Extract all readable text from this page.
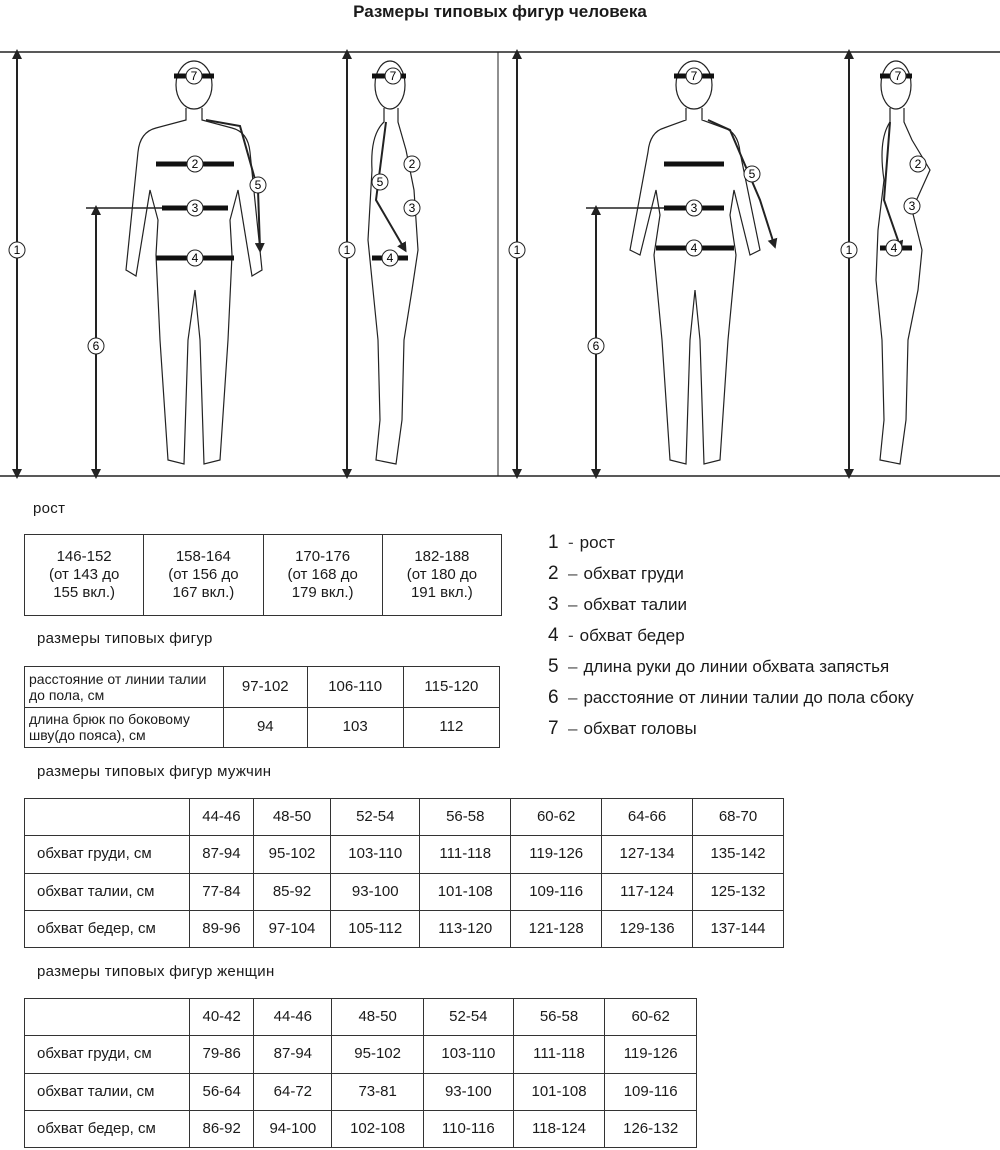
Размеры типовых фигур человека
1
2
3
4
5
6
7
1
2
3
4
5
7
1
3
4
5
6
7
1
2
3
4
7
рост
146-152
(от 143 до
155 вкл.)

158-164
(от 156 до
167 вкл.)

170-176
(от 168 до
179 вкл.)

182-188
(от 180 до
191 вкл.)
размеры типовых фигур
расстояние от линии талии до пола, см	97-102	106-110	115-120
длина брюк по боковому шву(до пояса), см	94	103	112
1 - рост
2 – обхват груди
3 – обхват талии
4 - обхват бедер
5 – длина руки до линии обхвата запястья
6 – расстояние от линии талии до пола сбоку
7 – обхват головы
размеры типовых фигур мужчин
	44-46	48-50	52-54	56-58	60-62	64-66	68-70
обхват груди, см	87-94	95-102	103-110	111-118	119-126	127-134	135-142
обхват талии, см	77-84	85-92	93-100	101-108	109-116	117-124	125-132
обхват бедер, см	89-96	97-104	105-112	113-120	121-128	129-136	137-144
размеры типовых фигур женщин
	40-42	44-46	48-50	52-54	56-58	60-62
обхват груди, см	79-86	87-94	95-102	103-110	111-118	119-126
обхват талии, см	56-64	64-72	73-81	93-100	101-108	109-116
обхват бедер, см	86-92	94-100	102-108	110-116	118-124	126-132
